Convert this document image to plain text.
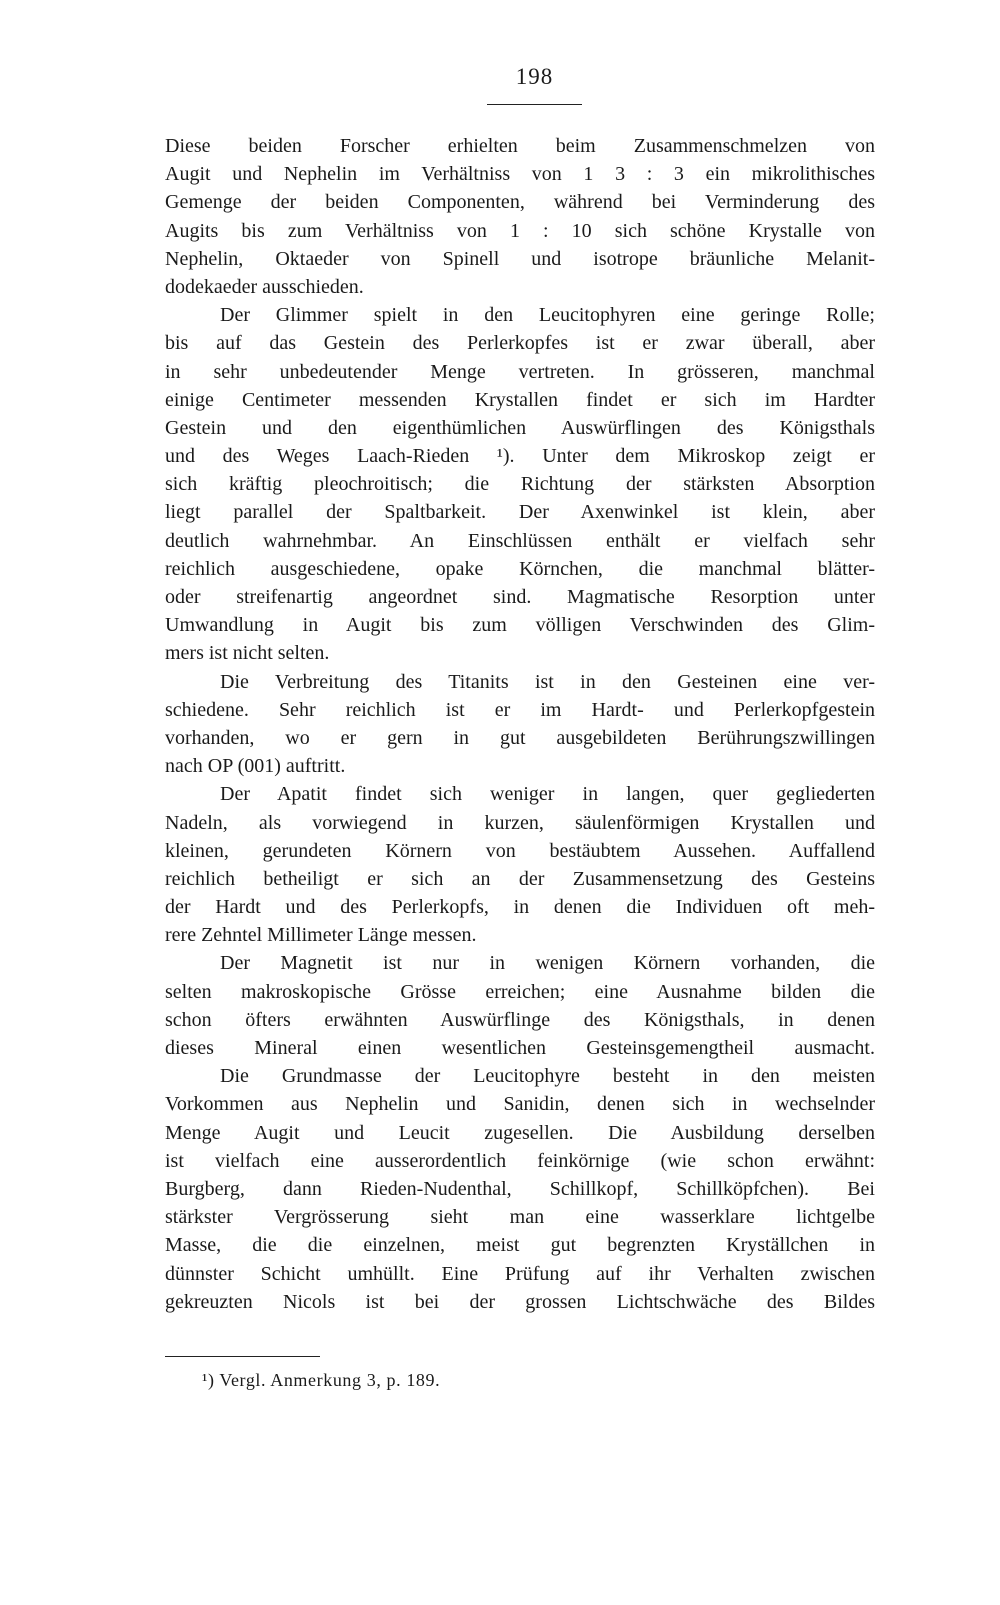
198
Diese beiden Forscher erhielten beim Zusammenschmelzen von
Augit und Nephelin im Verhältniss von 1 3 : 3 ein mikrolithisches
Gemenge der beiden Componenten, während bei Verminderung des
Augits bis zum Verhältniss von 1 : 10 sich schöne Krystalle von
Nephelin, Oktaeder von Spinell und isotrope bräunliche Melanit-
dodekaeder ausschieden.
Der Glimmer spielt in den Leucitophyren eine geringe Rolle;
bis auf das Gestein des Perlerkopfes ist er zwar überall, aber
in sehr unbedeutender Menge vertreten. In grösseren, manchmal
einige Centimeter messenden Krystallen findet er sich im Hardter
Gestein und den eigenthümlichen Auswürflingen des Königsthals
und des Weges Laach-Rieden ¹). Unter dem Mikroskop zeigt er
sich kräftig pleochroitisch; die Richtung der stärksten Absorption
liegt parallel der Spaltbarkeit. Der Axenwinkel ist klein, aber
deutlich wahrnehmbar. An Einschlüssen enthält er vielfach sehr
reichlich ausgeschiedene, opake Körnchen, die manchmal blätter-
oder streifenartig angeordnet sind. Magmatische Resorption unter
Umwandlung in Augit bis zum völligen Verschwinden des Glim-
mers ist nicht selten.
Die Verbreitung des Titanits ist in den Gesteinen eine ver-
schiedene. Sehr reichlich ist er im Hardt- und Perlerkopfgestein
vorhanden, wo er gern in gut ausgebildeten Berührungszwillingen
nach OP (001) auftritt.
Der Apatit findet sich weniger in langen, quer gegliederten
Nadeln, als vorwiegend in kurzen, säulenförmigen Krystallen und
kleinen, gerundeten Körnern von bestäubtem Aussehen. Auffallend
reichlich betheiligt er sich an der Zusammensetzung des Gesteins
der Hardt und des Perlerkopfs, in denen die Individuen oft meh-
rere Zehntel Millimeter Länge messen.
Der Magnetit ist nur in wenigen Körnern vorhanden, die
selten makroskopische Grösse erreichen; eine Ausnahme bilden die
schon öfters erwähnten Auswürflinge des Königsthals, in denen
dieses Mineral einen wesentlichen Gesteinsgemengtheil ausmacht.
Die Grundmasse der Leucitophyre besteht in den meisten
Vorkommen aus Nephelin und Sanidin, denen sich in wechselnder
Menge Augit und Leucit zugesellen. Die Ausbildung derselben
ist vielfach eine ausserordentlich feinkörnige (wie schon erwähnt:
Burgberg, dann Rieden-Nudenthal, Schillkopf, Schillköpfchen). Bei
stärkster Vergrösserung sieht man eine wasserklare lichtgelbe
Masse, die die einzelnen, meist gut begrenzten Kryställchen in
dünnster Schicht umhüllt. Eine Prüfung auf ihr Verhalten zwischen
gekreuzten Nicols ist bei der grossen Lichtschwäche des Bildes
¹) Vergl. Anmerkung 3, p. 189.
